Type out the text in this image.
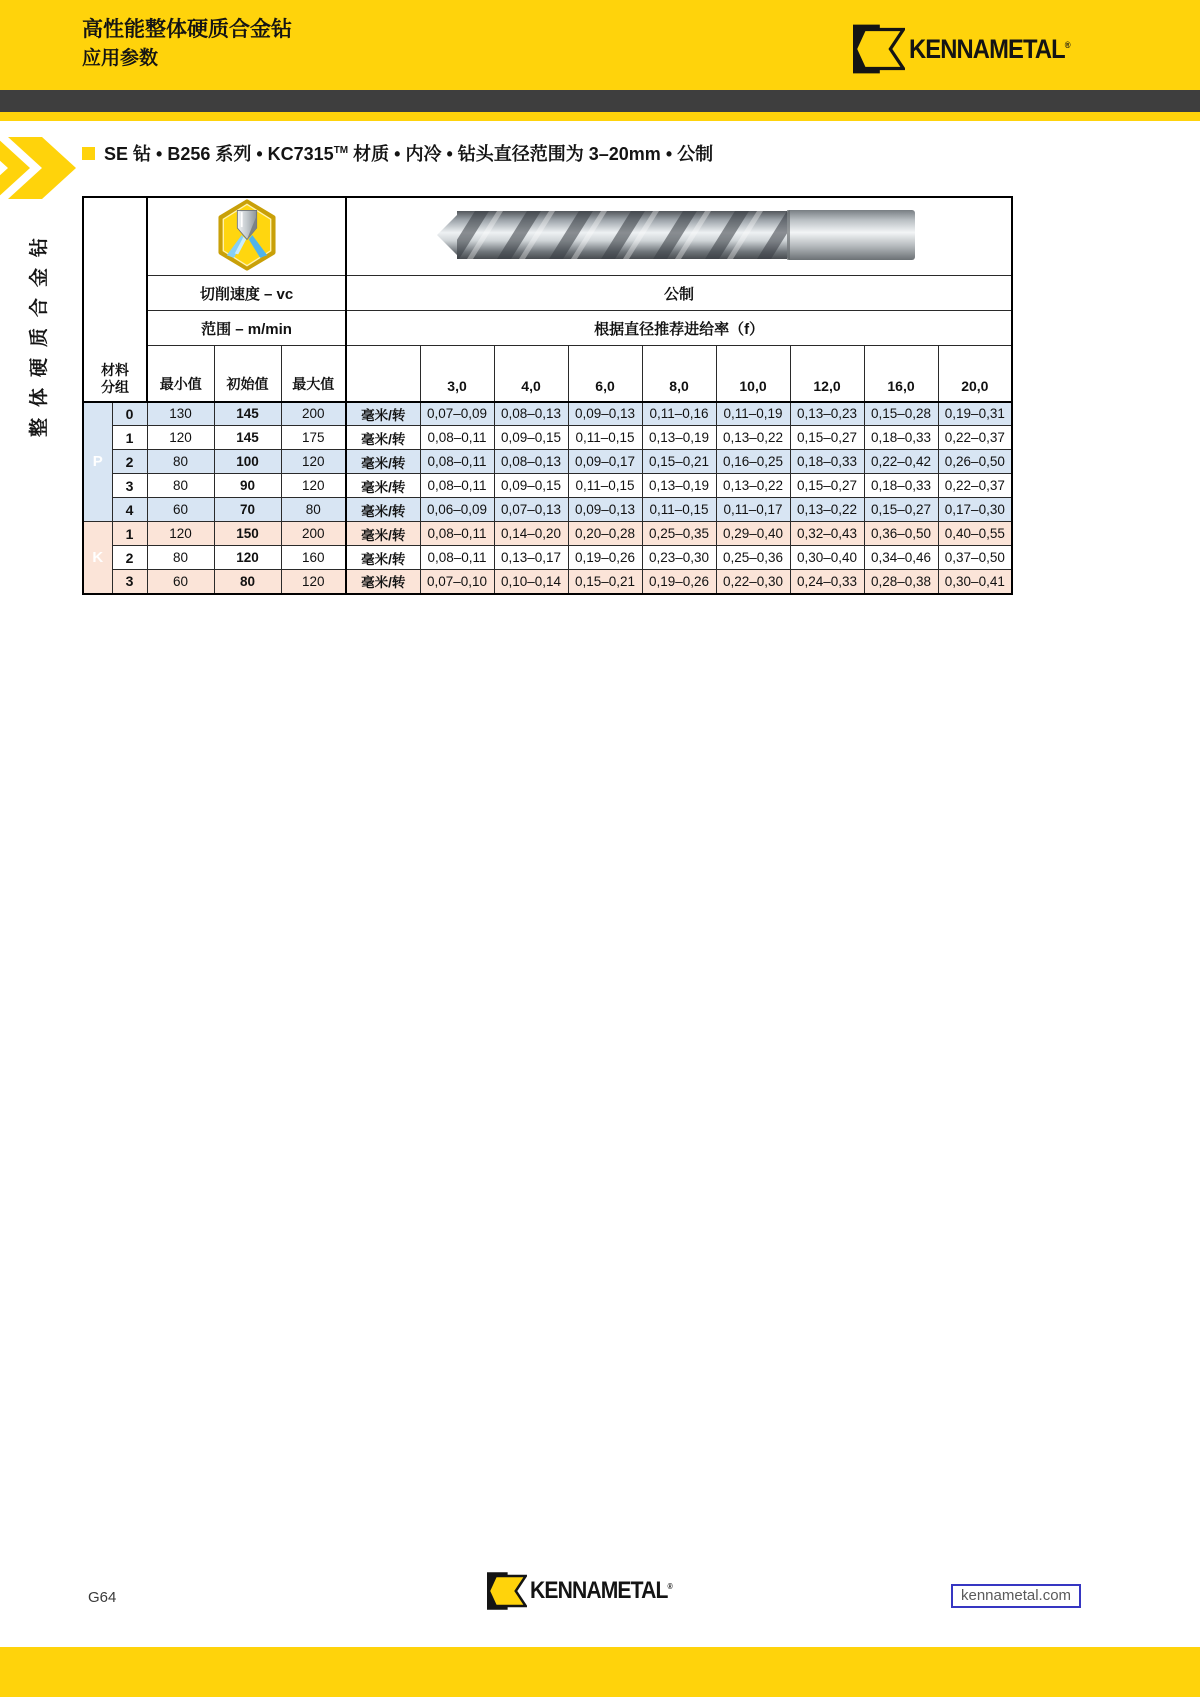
高性能整体硬质合金钻
应用参数	KENNAMETAL®
整体硬质合金钻
SE 钻 • B256 系列 • KC7315™ 材质 • 内冷 • 钻头直径范围为 3–20mm • 公制
材料
分组		
		切削速度 – vc			公制								
		范围 – m/min			根据直径推荐进给率（f）								
		最小值	初始值	最大值		3,0	4,0	6,0	8,0	10,0	12,0	16,0	20,0
P	0	130	145	200	毫米/转	0,07–0,09	0,08–0,13	0,09–0,13	0,11–0,16	0,11–0,19	0,13–0,23	0,15–0,28	0,19–0,31
	1	120	145	175	毫米/转	0,08–0,11	0,09–0,15	0,11–0,15	0,13–0,19	0,13–0,22	0,15–0,27	0,18–0,33	0,22–0,37
	2	80	100	120	毫米/转	0,08–0,11	0,08–0,13	0,09–0,17	0,15–0,21	0,16–0,25	0,18–0,33	0,22–0,42	0,26–0,50
	3	80	90	120	毫米/转	0,08–0,11	0,09–0,15	0,11–0,15	0,13–0,19	0,13–0,22	0,15–0,27	0,18–0,33	0,22–0,37
	4	60	70	80	毫米/转	0,06–0,09	0,07–0,13	0,09–0,13	0,11–0,15	0,11–0,17	0,13–0,22	0,15–0,27	0,17–0,30
K	1	120	150	200	毫米/转	0,08–0,11	0,14–0,20	0,20–0,28	0,25–0,35	0,29–0,40	0,32–0,43	0,36–0,50	0,40–0,55
	2	80	120	160	毫米/转	0,08–0,11	0,13–0,17	0,19–0,26	0,23–0,30	0,25–0,36	0,30–0,40	0,34–0,46	0,37–0,50
	3	60	80	120	毫米/转	0,07–0,10	0,10–0,14	0,15–0,21	0,19–0,26	0,22–0,30	0,24–0,33	0,28–0,38	0,30–0,41
G64	KENNAMETAL®
kennametal.com
